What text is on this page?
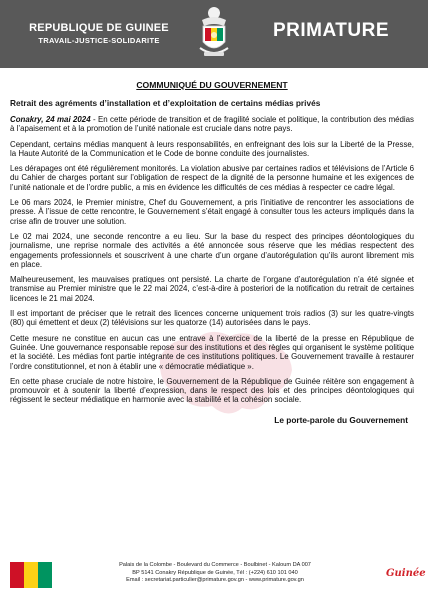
REPUBLIQUE DE GUINEE
TRAVAIL-JUSTICE-SOLIDARITE	PRIMATURE
COMMUNIQUÉ DU GOUVERNEMENT
Retrait des agréments d’installation et d’exploitation de certains médias privés

Conakry, 24 mai 2024 - En cette période de transition et de fragilité sociale et politique, la contribution des médias à l’apaisement et à la promotion de l’unité nationale est cruciale dans notre pays.

Cependant, certains médias manquent à leurs responsabilités, en enfreignant des lois sur la Liberté de la Presse, la Haute Autorité de la Communication et le Code de bonne conduite des journalistes.

Les dérapages ont été régulièrement monitorés. La violation abusive par certaines radios et télévisions de l’Article 6 du Cahier de charges portant sur l’obligation de respect de la dignité de la personne humaine et les exigences de l’unité nationale et de l’ordre public, a mis en évidence les difficultés de ces médias à respecter ce cadre légal.

Le 06 mars 2024, le Premier ministre, Chef du Gouvernement, a pris l’initiative de rencontrer les associations de presse. À l’issue de cette rencontre, le Gouvernement s’était engagé à consulter tous les acteurs impliqués dans la crise afin de trouver une solution.

Le 02 mai 2024, une seconde rencontre a eu lieu. Sur la base du respect des principes déontologiques du journalisme, une reprise normale des activités a été annoncée sous réserve que les médias respectent des engagements professionnels et souscrivent à une charte d’un organe d’autorégulation qu’ils auront librement mis en place.

Malheureusement, les mauvaises pratiques ont persisté. La charte de l’organe d’autorégulation n’a été signée et transmise au Premier ministre que le 22 mai 2024, c’est-à-dire à posteriori de la notification du retrait de certaines licences le 21 mai 2024.

Il est important de préciser que le retrait des licences concerne uniquement trois radios (3) sur les quatre-vingts (80) qui émettent et deux (2) télévisions sur les quatorze (14) autorisées dans le pays.

Cette mesure ne constitue en aucun cas une entrave à l’exercice de la liberté de la presse en République de Guinée. Une gouvernance responsable repose sur des institutions et des règles qui organisent le système politique et la société. Les médias font partie intégrante de ces institutions politiques. Le Gouvernement travaille à restaurer l’ordre constitutionnel, et non à établir une « démocratie médiatique ».

En cette phase cruciale de notre histoire, le Gouvernement de la République de Guinée réitère son engagement à promouvoir et à soutenir la liberté d’expression, dans le respect des lois et des principes déontologiques qui régissent le secteur médiatique en harmonie avec la stabilité et la cohésion sociale.

Le porte-parole du Gouvernement
Palais de la Colombe - Boulevard du Commerce - Boulbinet - Kaloum DA 007
BP 5141 Conakry République de Guinée, Tél : (+224) 610 101 040
Email : secretariat.particulier@primature.gov.gn - www.primature.gov.gn
Guinée
